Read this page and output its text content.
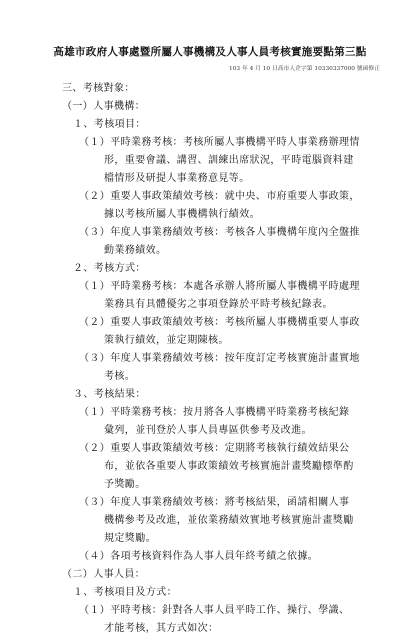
高雄市政府人事處暨所屬人事機構及人事人員考核實施要點第三點
103 年 4 月 10 日高市人企字第 10330337000 號函修正
三、考核對象：
（一）人事機構：
１、考核項目：
（１）平時業務考核：考核所屬人事機構平時人事業務辦理情
形，重要會議、講習、訓練出席狀況，平時電腦資料建
檔情形及研提人事業務意見等。
（２）重要人事政策績效考核：就中央、市府重要人事政策，
據以考核所屬人事機構執行績效。
（３）年度人事業務績效考核：考核各人事機構年度內全盤推
動業務績效。
２、考核方式：
（１）平時業務考核：本處各承辦人將所屬人事機構平時處理
業務具有具體優劣之事項登錄於平時考核紀錄表。
（２）重要人事政策績效考核：考核所屬人事機構重要人事政
策執行績效，並定期陳核。
（３）年度人事業務績效考核：按年度訂定考核實施計畫實地
考核。
３、考核結果：
（１）平時業務考核：按月將各人事機構平時業務考核紀錄
彙列，並刊登於人事人員專區供參考及改進。
（２）重要人事政策績效考核：定期將考核執行績效結果公
布，並依各重要人事政策績效考核實施計畫獎勵標準酌
予獎勵。
（３）年度人事業務績效考核：將考核結果，函請相關人事
機構參考及改進，並依業務績效實地考核實施計畫獎勵
規定獎勵。
（４）各項考核資料作為人事人員年終考績之依據。
（二）人事人員：
１、考核項目及方式：
（１）平時考核：針對各人事人員平時工作、操行、學識、
才能考核，其方式如次：
